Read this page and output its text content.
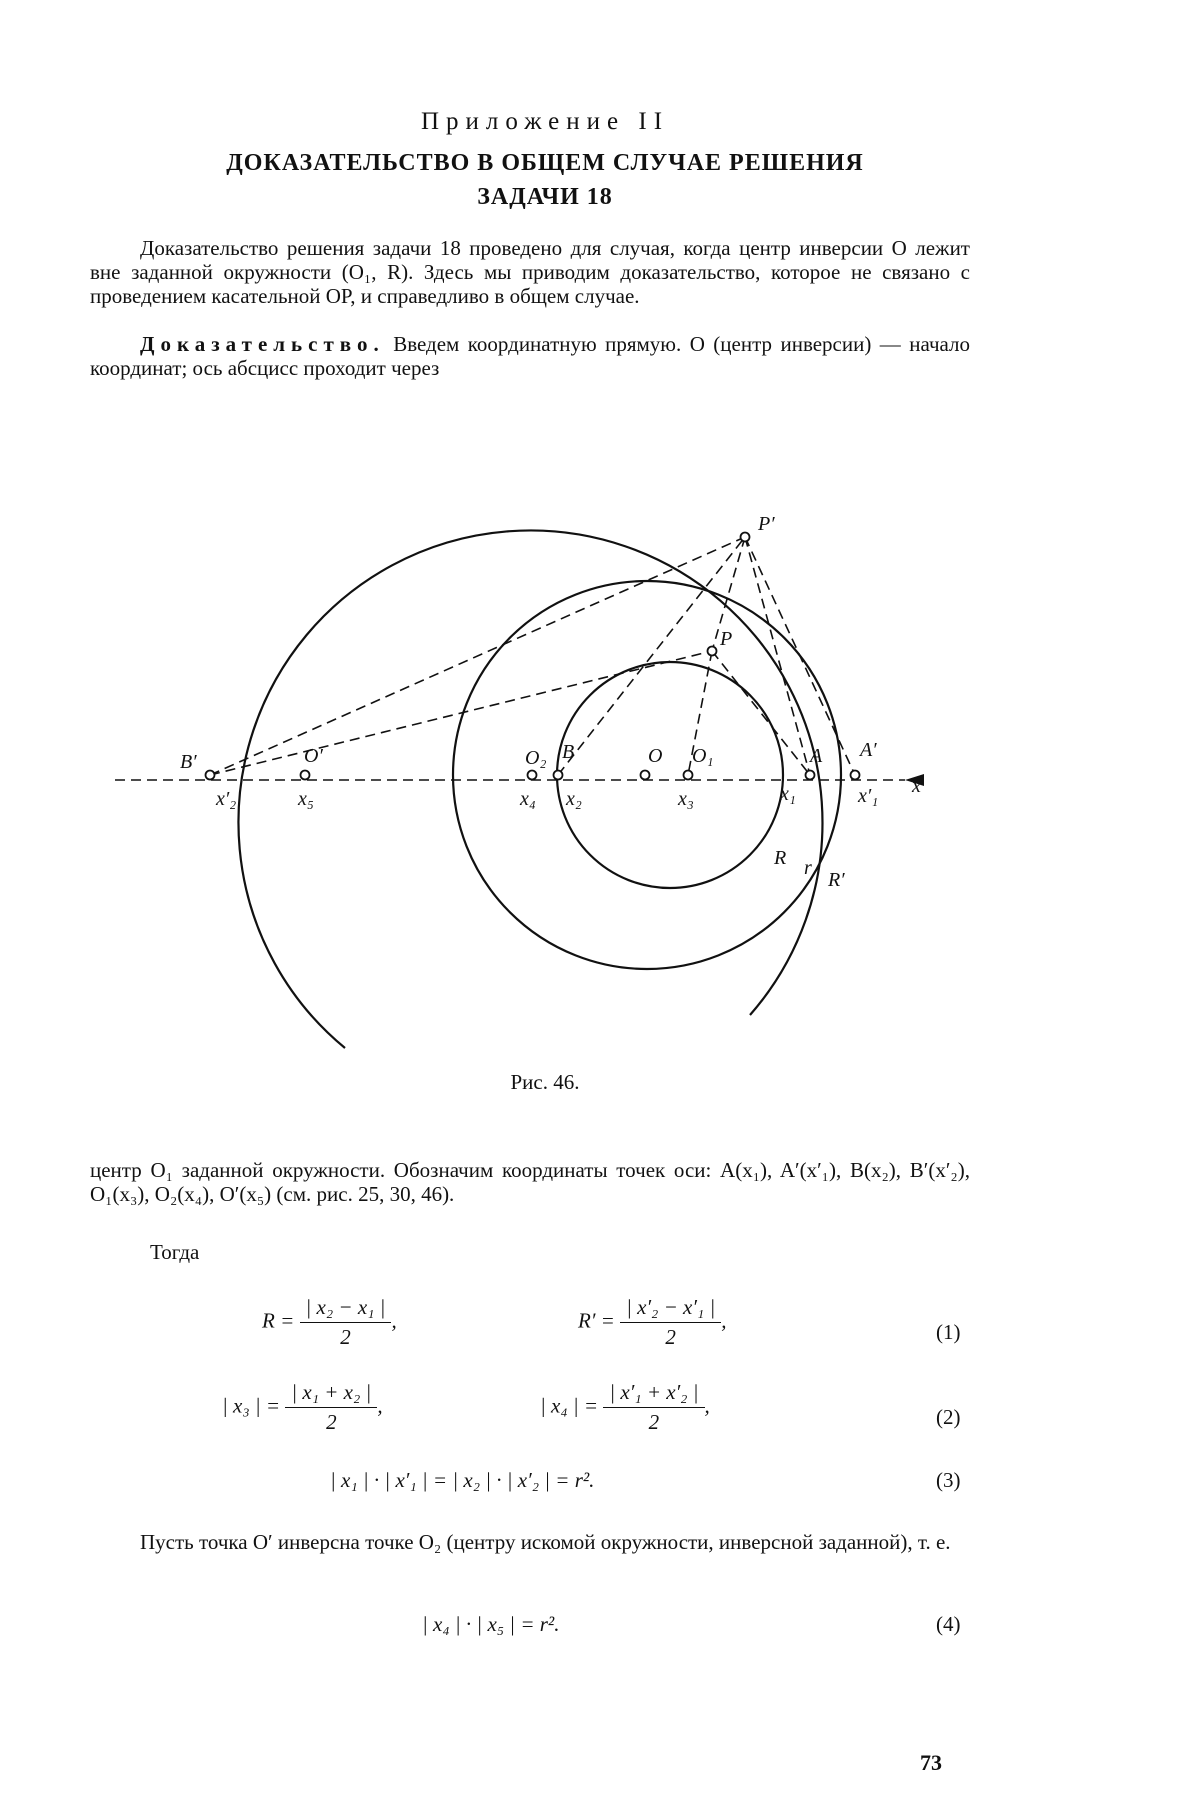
Приложение II
ДОКАЗАТЕЛЬСТВО В ОБЩЕМ СЛУЧАЕ РЕШЕНИЯ
ЗАДАЧИ 18
Доказательство решения задачи 18 проведено для случая, когда центр инверсии O лежит вне заданной окружности (O₁, R). Здесь мы приводим доказательство, которое не связано с проведением касательной OP, и справедливо в общем случае.
Доказательство. Введем координатную прямую. O (центр инверсии) — начало координат; ось абсцисс проходит через
P′
P
B′	O′	O₂ B	O O₁	A A′
x
x′₂	x₅	x₄ x₂	x₃	x₁	x′₁
R r
R′
Рис. 46.
центр O₁ заданной окружности. Обозначим координаты точек оси: A(x₁), A′(x′₁), B(x₂), B′(x′₂), O₁(x₃), O₂(x₄), O′(x₅) (см. рис. 25, 30, 46).
Тогда
$R = \frac{\text{| x₂ − x₁ |}}{2}$ ,	$R' = \frac{\text{| x′₂ − x′₁ |}}{2}$ ,	(1)
| x₃ | = $\frac{\text{| x₁ + x₂ |}}{2}$ ,	| x₄ | = $\frac{\text{| x′₁ + x′₂ |}}{2}$ ,	(2)
| x₁ | · | x′₁ | = | x₂ | · | x′₂ | = r².	(3)
Пусть точка O′ инверсна точке O₂ (центру искомой окружности, инверсной заданной), т. е.
| x₄ | · | x₅ | = r².	(4)
73
